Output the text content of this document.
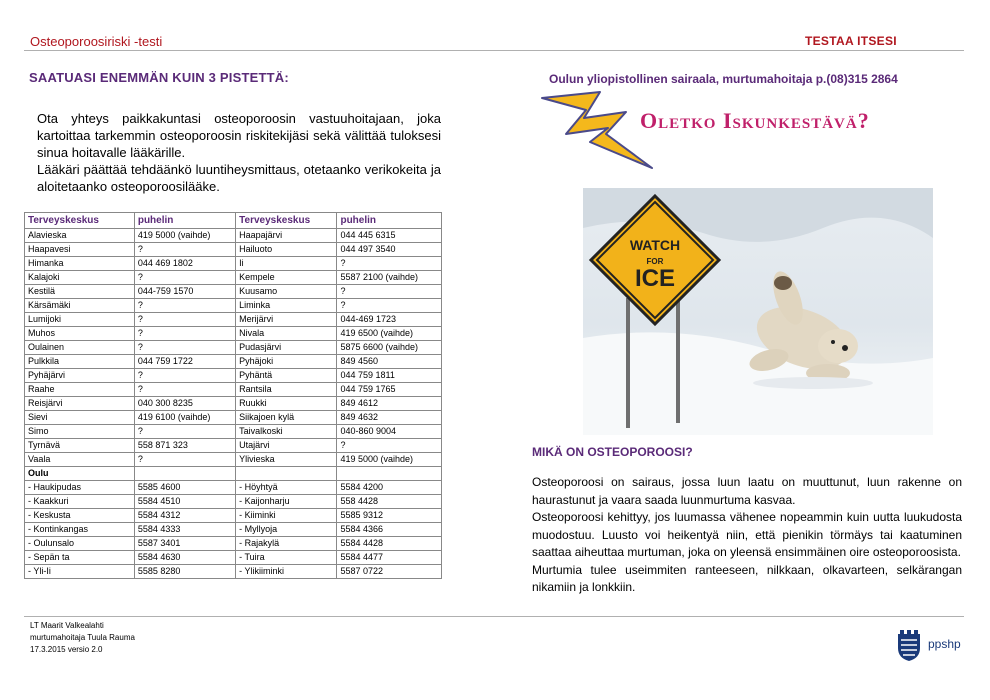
Osteoporoosiriski -testi	TESTAA ITSESI
SAATUASI ENEMMÄN KUIN 3 PISTETTÄ:

Ota yhteys paikkakuntasi osteoporoosin vastuuhoitajaan, joka kartoittaa tarkemmin osteoporoosin riskitekijäsi sekä välittää tuloksesi sinua hoitavalle lääkärille.

Lääkäri päättää tehdäänkö luuntiheysmittaus, otetaanko verikokeita ja aloitetaanko osteoporoosilääke.

Terveyskeskus	puhelin	Terveyskeskus	puhelin
Alavieska	419 5000 (vaihde)	Haapajärvi	044 445 6315
Haapavesi	?	Hailuoto	044 497 3540
Himanka	044 469 1802	Ii	?
Kalajoki	?	Kempele	5587 2100 (vaihde)
Kestilä	044-759 1570	Kuusamo	?
Kärsämäki	?	Liminka	?
Lumijoki	?	Merijärvi	044-469 1723
Muhos	?	Nivala	419 6500 (vaihde)
Oulainen	?	Pudasjärvi	5875 6600 (vaihde)
Pulkkila	044 759 1722	Pyhäjoki	849 4560
Pyhäjärvi	?	Pyhäntä	044 759 1811
Raahe	?	Rantsila	044 759 1765
Reisjärvi	040 300 8235	Ruukki	849 4612
Sievi	419 6100 (vaihde)	Siikajoen kylä	849 4632
Simo	?	Taivalkoski	040-860 9004
Tyrnävä	558 871 323	Utajärvi	?
Vaala	?	Ylivieska	419 5000 (vaihde)
Oulu			
- Haukipudas	5585 4600	- Höyhtyä	5584 4200
- Kaakkuri	5584 4510	- Kaijonharju	558 4428
- Keskusta	5584 4312	- Kiiminki	5585 9312
- Kontinkangas	5584 4333	- Myllyoja	5584 4366
- Oulunsalo	5587 3401	- Rajakylä	5584 4428
- Sepän ta	5584 4630	- Tuira	5584 4477
- Yli-Ii	5585 8280	- Ylikiiminki	5587 0722
LT Maarit Valkealahti
murtumahoitaja Tuula Rauma
17.3.2015 versio 2.0
Oulun yliopistollinen sairaala, murtumahoitaja p.(08)315 2864
Oletko Iskunkestävä?
WATCH
FOR
ICE
MIKÄ ON OSTEOPOROOSI?

Osteoporoosi on sairaus, jossa luun laatu on muuttunut, luun rakenne on haurastunut ja vaara saada luunmurtuma kasvaa.

Osteoporoosi kehittyy, jos luumassa vähenee nopeammin kuin uutta luukudosta muodostuu. Luusto voi heikentyä niin, että pienikin törmäys tai kaatuminen saattaa aiheuttaa murtuman, joka on yleensä ensimmäinen oire osteoporoosista.

Murtumia tulee useimmiten ranteeseen, nilkkaan, olkavarteen, selkärangan nikamiin ja lonkkiin.

ppshp
